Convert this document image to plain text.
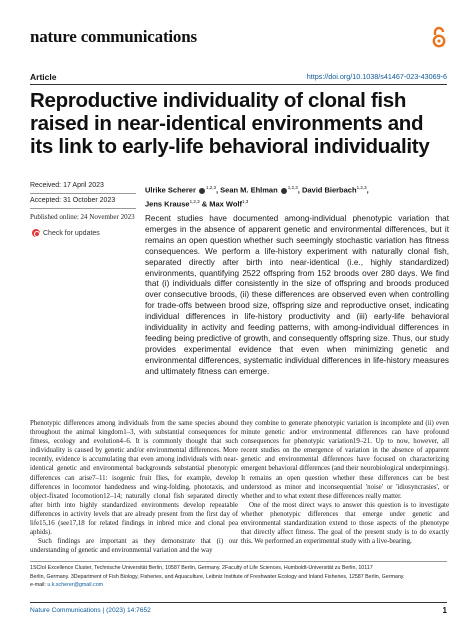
nature communications
Article	https://doi.org/10.1038/s41467-023-43069-6
Reproductive individuality of clonal fish raised in near-identical environments and its link to early-life behavioral individuality
Received: 17 April 2023
Accepted: 31 October 2023
Published online: 24 November 2023
Check for updates
Ulrike Scherer $^{1,2,3}$, Sean M. Ehlman $^{1,2,3}$, David Bierbach$^{1,2,3}$,
Jens Krause$^{1,2,3}$ & Max Wolf$^{1,3}$

Recent studies have documented among-individual phenotypic variation that emerges in the absence of apparent genetic and environmental differences, but it remains an open question whether such seemingly stochastic variation has fitness consequences. We perform a life-history experiment with naturally clonal fish, separated directly after birth into near-identical (i.e., highly standardized) environments, quantifying 2522 offspring from 152 broods over 280 days. We find that (i) individuals differ consistently in the size of offspring and broods produced over consecutive broods, (ii) these differences are observed even when controlling for trade-offs between brood size, offspring size and reproductive onset, indicating individual differences in life-history productivity and (iii) early-life behavioral individuality in activity and feeding patterns, with among-individual differences in feeding being predictive of growth, and consequently offspring size. Thus, our study provides experimental evidence that even when minimizing genetic and environmental differences, systematic individual differences in life-history measures and ultimately fitness can emerge.

Phenotypic differences among individuals from the same species abound throughout the animal kingdom1–3, with substantial consequences for fitness, ecology and evolution4–6. It is commonly thought that such individuality is caused by genetic and/or environmental differences. More recently, evidence is accumulating that even among individuals with near-identical genetic and environmental backgrounds substantial phenotypic differences can arise7–11: isogenic fruit flies, for example, develop differences in locomotor handedness and wing-folding, phototaxis, and object-fixated locomotion12–14; naturally clonal fish separated directly after birth into highly standardized environments develop repeatable differences in activity levels that are already present from the first day of life15,16 (see17,18 for related findings in inbred mice and clonal pea aphids).

Such findings are important as they demonstrate that (i) our understanding of genetic and environmental variation and the way

they combine to generate phenotypic variation is incomplete and (ii) even minute genetic and/or environmental differences can have profound consequences for phenotypic variation19–21. Up to now, however, all recent studies on the emergence of variation in the absence of apparent genetic and environmental differences have focused on characterizing emergent behavioral differences (and their neurobiological underpinnings). It remains an open question whether these differences can be best understood as minor and inconsequential 'noise' or 'idiosyncrasies', or whether and to what extent these differences really matter.

One of the most direct ways to answer this question is to investigate whether phenotypic differences that emerge under genetic and environmental standardization extend to those aspects of the phenotype that directly affect fitness. The goal of the present study is to do exactly this. We performed an experimental study with a live-bearing,

1SCIoI Excellence Cluster, Technische Universität Berlin, 10587 Berlin, Germany. 2Faculty of Life Sciences, Humboldt-Universität zu Berlin, 10117
Berlin, Germany. 3Department of Fish Biology, Fisheries, and Aquaculture, Leibniz Institute of Freshwater Ecology and Inland Fisheries, 12587 Berlin, Germany.
e-mail: u.k.scherer@gmail.com
Nature Communications | (2023) 14:7652	1
